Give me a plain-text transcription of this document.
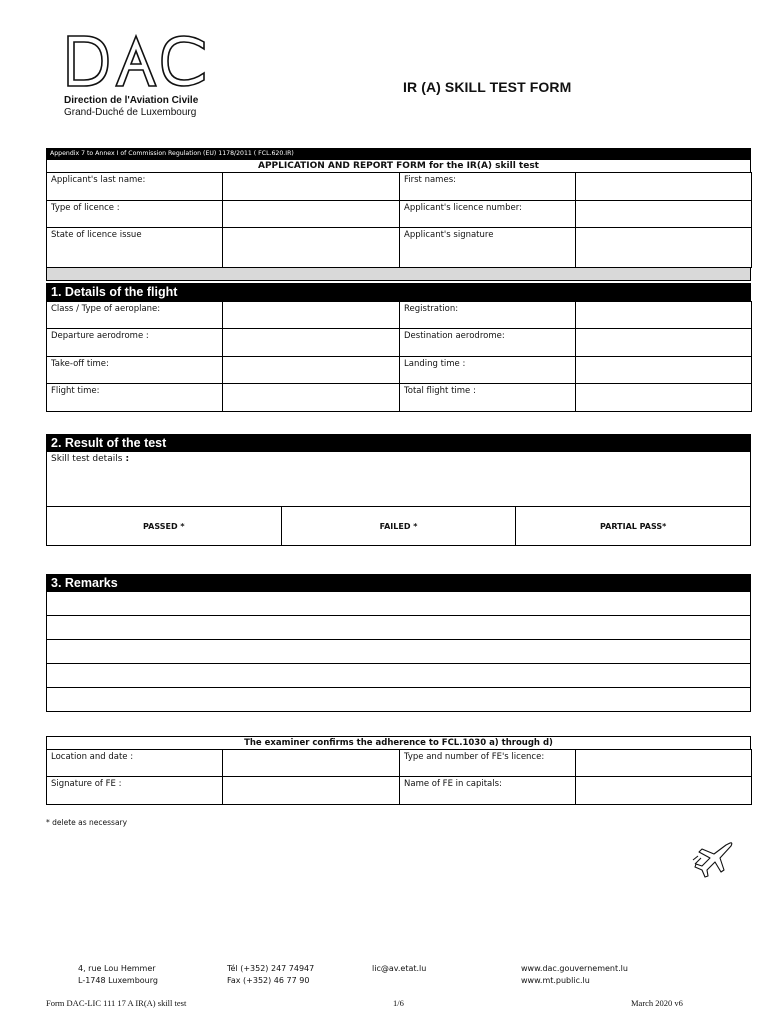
Direction de l'Aviation Civile
Grand-Duché de Luxembourg
IR (A) SKILL TEST FORM
Appendix 7 to Annex I of Commission Regulation (EU) 1178/2011 ( FCL.620.IR)
APPLICATION AND REPORT FORM for the IR(A) skill test
Applicant's last name:		First names:	
Type of licence :		Applicant's licence number:	
State of licence issue		Applicant's signature	
1. Details of the flight
Class / Type of aeroplane:		Registration:	
Departure aerodrome :		Destination aerodrome:	
Take-off time:		Landing time :	
Flight time:		Total flight time :	
2. Result of the test
Skill test details :
PASSED *	FAILED *	PARTIAL PASS*
3. Remarks
The examiner confirms the adherence to FCL.1030 a) through d)
Location and date :		Type and number of FE's licence:	
Signature of FE :		Name of FE in capitals:	
* delete as necessary
4, rue Lou Hemmer
L-1748 Luxembourg
Tél (+352) 247 74947
Fax (+352) 46 77 90
lic@av.etat.lu	www.dac.gouvernement.lu
www.mt.public.lu
Form DAC-LIC 111 17 A IR(A) skill test	1/6	March 2020 v6
